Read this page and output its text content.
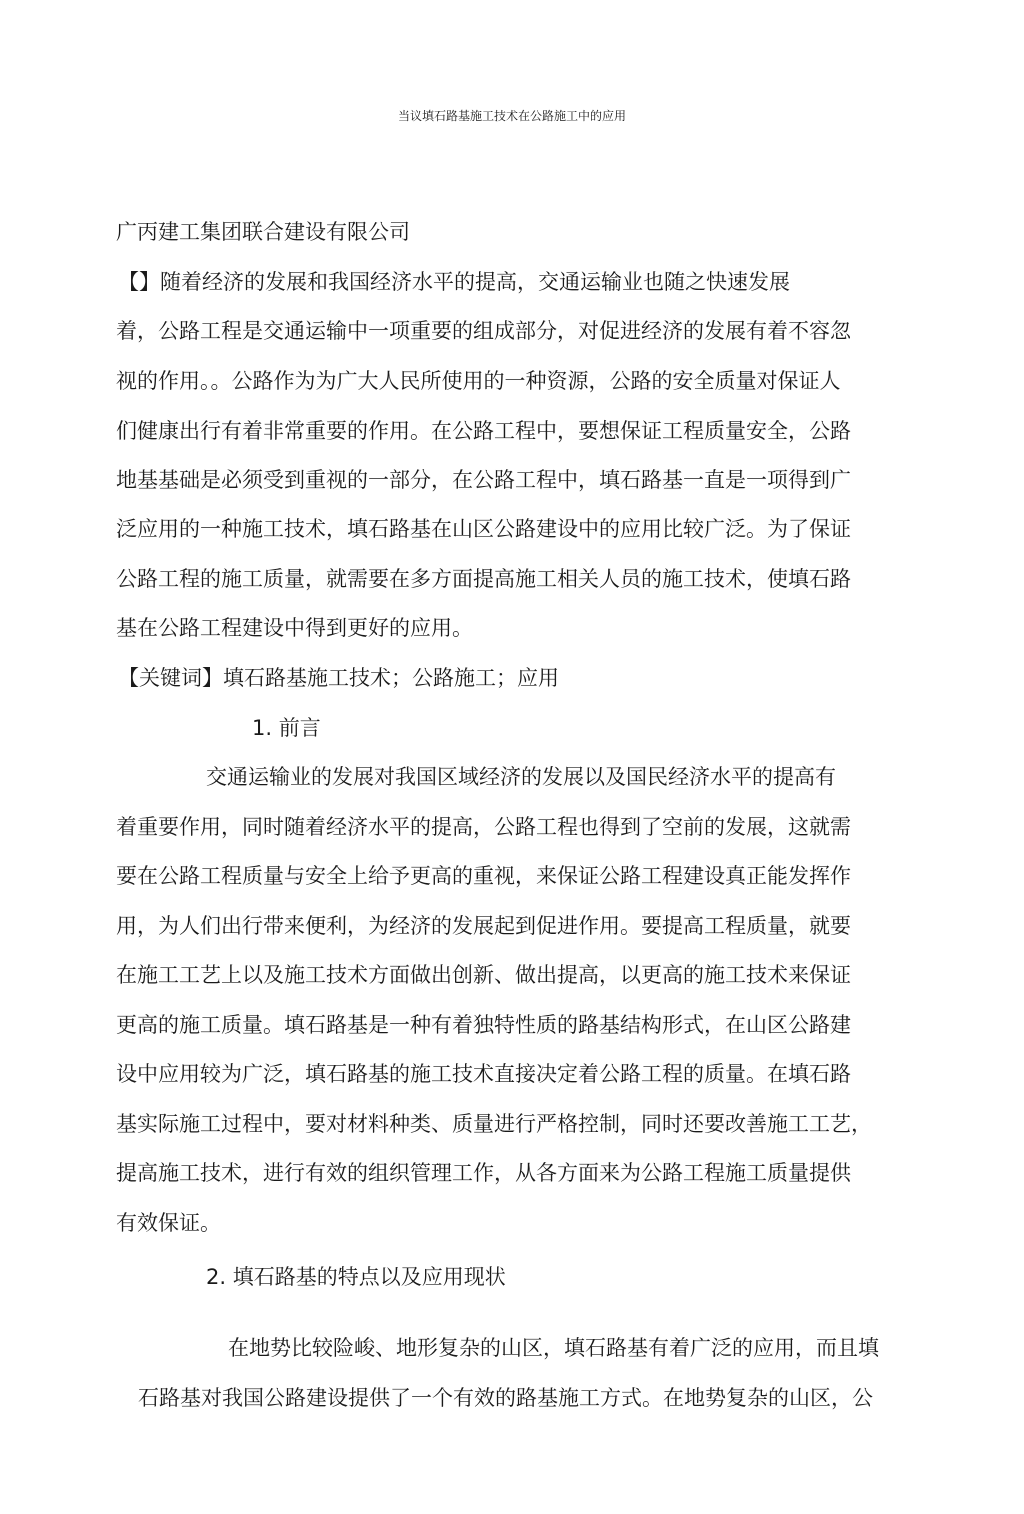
当议填石路基施工技术在公路施工中的应用

广丙建工集团联合建设有限公司

【】随着经济的发展和我国经济水平的提高，交通运输业也随之快速发展

着，公路工程是交通运输中一项重要的组成部分，对促进经济的发展有着不容忽

视的作用。。公路作为为广大人民所使用的一种资源，公路的安全质量对保证人

们健康出行有着非常重要的作用。在公路工程中，要想保证工程质量安全，公路

地基基础是必须受到重视的一部分，在公路工程中，填石路基一直是一项得到广

泛应用的一种施工技术，填石路基在山区公路建设中的应用比较广泛。为了保证

公路工程的施工质量，就需要在多方面提高施工相关人员的施工技术，使填石路

基在公路工程建设中得到更好的应用。

【关键词】填石路基施工技术；公路施工；应用

1. 前言

交通运输业的发展对我国区域经济的发展以及国民经济水平的提高有

着重要作用，同时随着经济水平的提高，公路工程也得到了空前的发展，这就需

要在公路工程质量与安全上给予更高的重视，来保证公路工程建设真正能发挥作

用，为人们出行带来便利，为经济的发展起到促进作用。要提高工程质量，就要

在施工工艺上以及施工技术方面做出创新、做出提高，以更高的施工技术来保证

更高的施工质量。填石路基是一种有着独特性质的路基结构形式，在山区公路建

设中应用较为广泛，填石路基的施工技术直接决定着公路工程的质量。在填石路

基实际施工过程中，要对材料种类、质量进行严格控制，同时还要改善施工工艺，

提高施工技术，进行有效的组织管理工作，从各方面来为公路工程施工质量提供

有效保证。

2. 填石路基的特点以及应用现状

在地势比较险峻、地形复杂的山区，填石路基有着广泛的应用，而且填

石路基对我国公路建设提供了一个有效的路基施工方式。在地势复杂的山区，公
